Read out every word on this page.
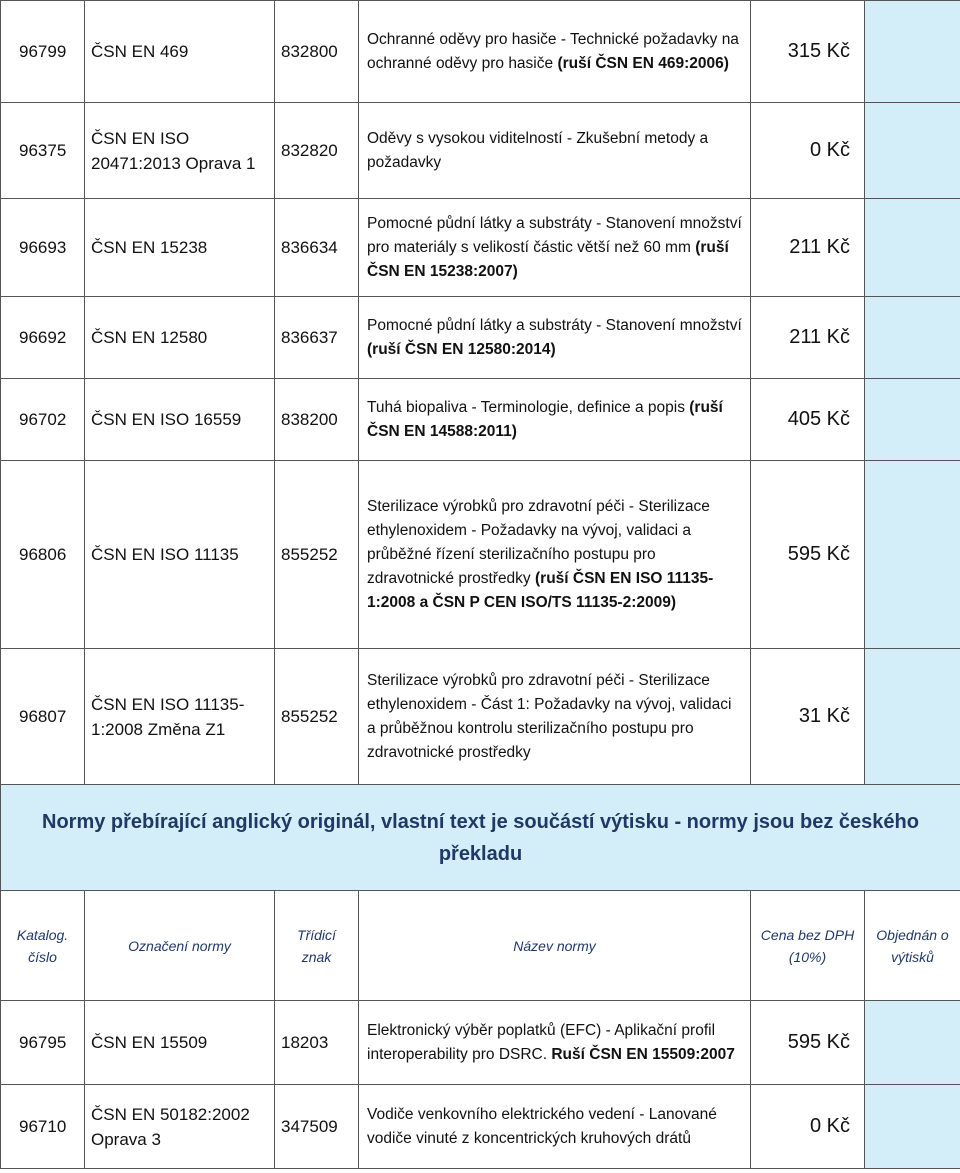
96799	ČSN EN 469	832800	Ochranné oděvy pro hasiče - Technické požadavky na ochranné oděvy pro hasiče (ruší ČSN EN 469:2006)	315 Kč	
96375	ČSN EN ISO 20471:2013 Oprava 1	832820	Oděvy s vysokou viditelností - Zkušební metody a požadavky	0 Kč	
96693	ČSN EN 15238	836634	Pomocné půdní látky a substráty - Stanovení množství pro materiály s velikostí částic větší než 60 mm (ruší ČSN EN 15238:2007)	211 Kč	
96692	ČSN EN 12580	836637	Pomocné půdní látky a substráty - Stanovení množství (ruší ČSN EN 12580:2014)	211 Kč	
96702	ČSN EN ISO 16559	838200	Tuhá biopaliva - Terminologie, definice a popis (ruší ČSN EN 14588:2011)	405 Kč	
96806	ČSN EN ISO 11135	855252	Sterilizace výrobků pro zdravotní péči - Sterilizace ethylenoxidem - Požadavky na vývoj, validaci a průběžné řízení sterilizačního postupu pro zdravotnické prostředky (ruší ČSN EN ISO 11135-1:2008 a ČSN P CEN ISO/TS 11135-2:2009)	595 Kč	
96807	ČSN EN ISO 11135-1:2008 Změna Z1	855252	Sterilizace výrobků pro zdravotní péči - Sterilizace ethylenoxidem - Část 1: Požadavky na vývoj, validaci a průběžnou kontrolu sterilizačního postupu pro zdravotnické prostředky	31 Kč	
Normy přebírající anglický originál, vlastní text je součástí výtisku - normy jsou bez českého překladu					
Katalog. číslo	Označení normy	Třídicí znak	Název normy	Cena bez DPH (10%)	Objednán o výtisků
96795	ČSN EN 15509	18203	Elektronický výběr poplatků (EFC) - Aplikační profil interoperability pro DSRC. Ruší ČSN EN 15509:2007	595 Kč	
96710	ČSN EN 50182:2002 Oprava 3	347509	Vodiče venkovního elektrického vedení - Lanované vodiče vinuté z koncentrických kruhových drátů	0 Kč	
